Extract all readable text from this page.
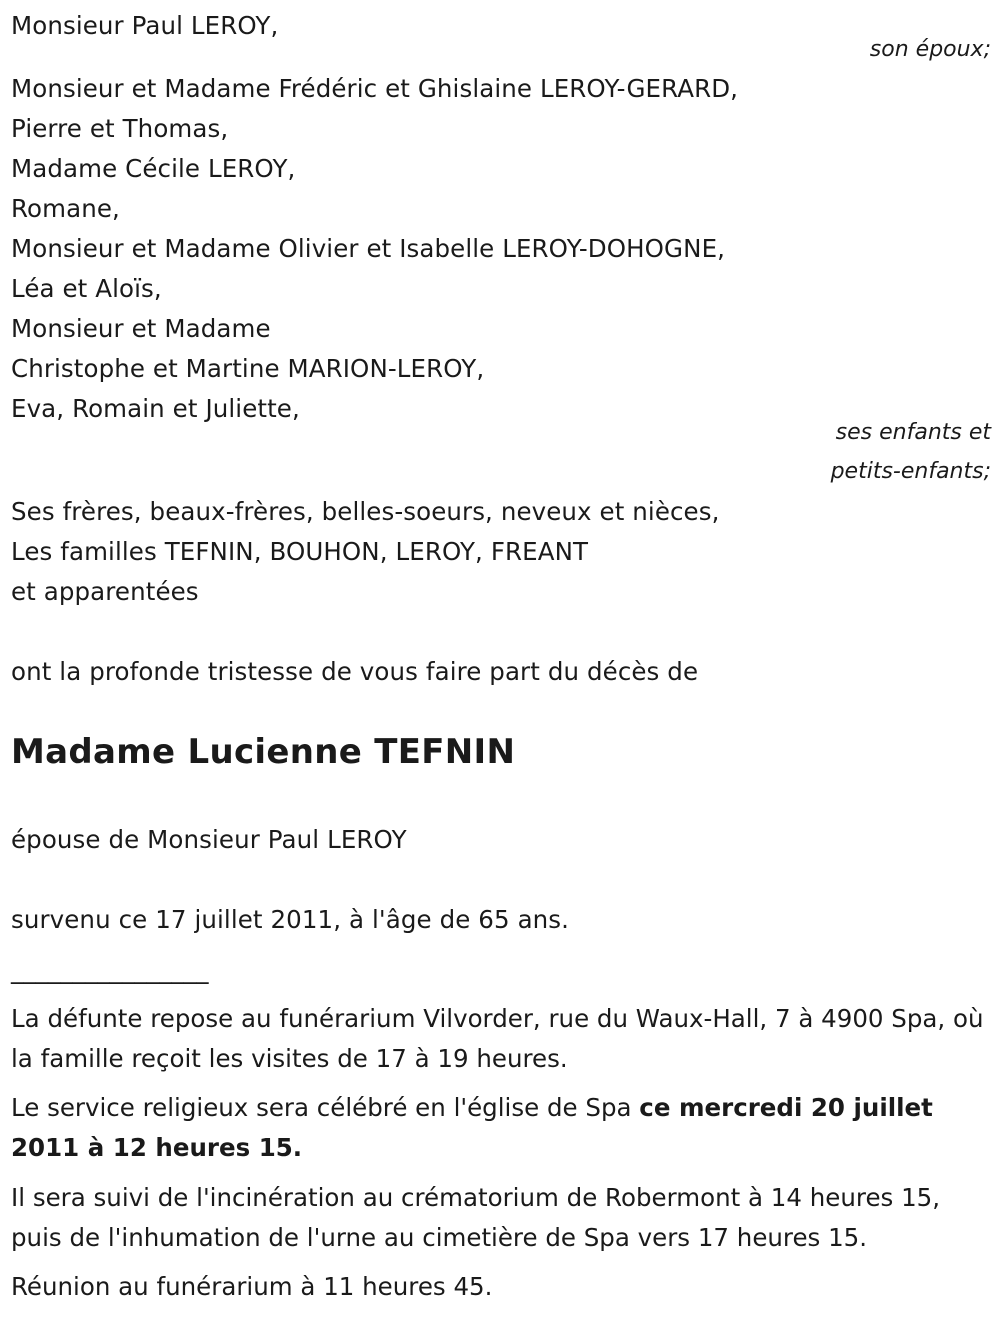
Monsieur Paul LEROY,
son époux;
Monsieur et Madame Frédéric et Ghislaine LEROY-GERARD,
Pierre et Thomas,
Madame Cécile LEROY,
Romane,
Monsieur et Madame Olivier et Isabelle LEROY-DOHOGNE,
Léa et Aloïs,
Monsieur et Madame
Christophe et Martine MARION-LEROY,
Eva, Romain et Juliette,
ses enfants et
petits-enfants;
Ses frères, beaux-frères, belles-soeurs, neveux et nièces,
Les familles TEFNIN, BOUHON, LEROY, FREANT
et apparentées
ont la profonde tristesse de vous faire part du décès de
Madame Lucienne TEFNIN
épouse de Monsieur Paul LEROY
survenu ce 17 juillet 2011, à l'âge de 65 ans.
________________
La défunte repose au funérarium Vilvorder, rue du Waux-Hall, 7 à 4900 Spa, où la famille reçoit les visites de 17 à 19 heures.
Le service religieux sera célébré en l'église de Spa ce mercredi 20 juillet 2011 à 12 heures 15.
Il sera suivi de l'incinération au crématorium de Robermont à 14 heures 15, puis de l'inhumation de l'urne au cimetière de Spa vers 17 heures 15.
Réunion au funérarium à 11 heures 45.
